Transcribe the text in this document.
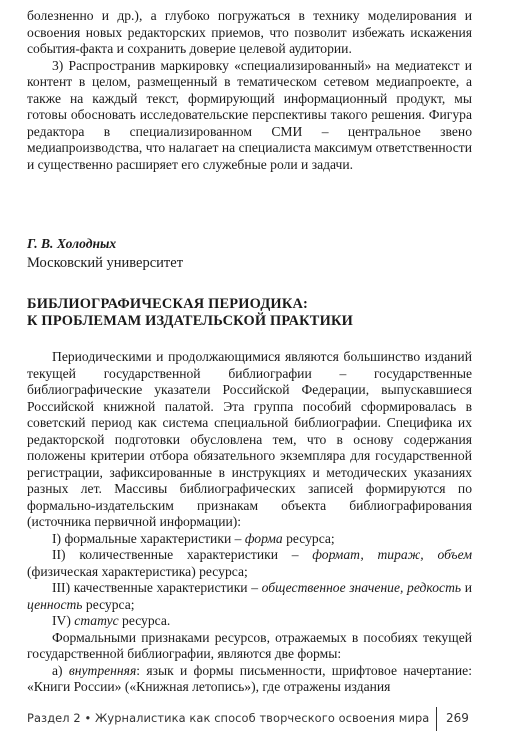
болезненно и др.), а глубоко погружаться в технику моделирования и освоения новых редакторских приемов, что позволит избежать искажения события-факта и сохранить доверие целевой аудитории.

3) Распространив маркировку «специализированный» на медиатекст и контент в целом, размещенный в тематическом сетевом медиапроекте, а также на каждый текст, формирующий информационный продукт, мы готовы обосновать исследовательские перспективы такого решения. Фигура редактора в специализированном СМИ – центральное звено медиапроизводства, что налагает на специалиста максимум ответственности и существенно расширяет его служебные роли и задачи.

Г. В. Холодных
Московский университет
БИБЛИОГРАФИЧЕСКАЯ ПЕРИОДИКА:
К ПРОБЛЕМАМ ИЗДАТЕЛЬСКОЙ ПРАКТИКИ

Периодическими и продолжающимися являются большинство изданий текущей государственной библиографии – государственные библиографические указатели Российской Федерации, выпускавшиеся Российской книжной палатой. Эта группа пособий сформировалась в советский период как система специальной библиографии. Специфика их редакторской подготовки обусловлена тем, что в основу содержания положены критерии отбора обязательного экземпляра для государственной регистрации, зафиксированные в инструкциях и методических указаниях разных лет. Массивы библиографических записей формируются по формально-издательским признакам объекта библиографирования (источника первичной информации):

I) формальные характеристики – форма ресурса;

II) количественные характеристики – формат, тираж, объем (физическая характеристика) ресурса;

III) качественные характеристики – общественное значение, редкость и ценность ресурса;

IV) статус ресурса.

Формальными признаками ресурсов, отражаемых в пособиях текущей государственной библиографии, являются две формы:

а) внутренняя: язык и формы письменности, шрифтовое начертание: «Книги России» («Книжная летопись»), где отражены издания

Раздел 2 • Журналистика как способ творческого освоения мира 269
